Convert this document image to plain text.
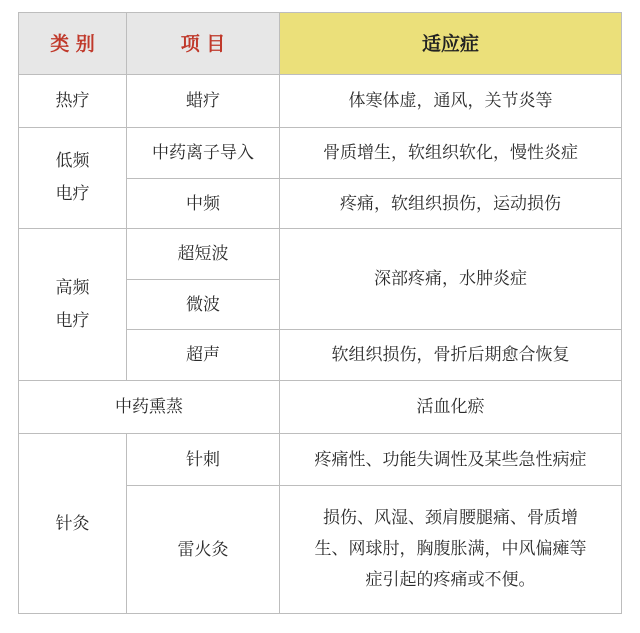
类 别	项 目	适应症
热疗	蜡疗	体寒体虚，通风，关节炎等

低频
电疗	中药离子导入	骨质增生，软组织软化，慢性炎症
	中频	疼痛，软组织损伤，运动损伤

高频
电疗	超短波	深部疼痛，水肿炎症
	微波	
	超声	软组织损伤，骨折后期愈合恢复
中药熏蒸		活血化瘀
针灸	针刺	疼痛性、功能失调性及某些急性病症
	雷火灸	损伤、风湿、颈肩腰腿痛、骨质增
生、网球肘，胸腹胀满，中风偏瘫等
症引起的疼痛或不便。
